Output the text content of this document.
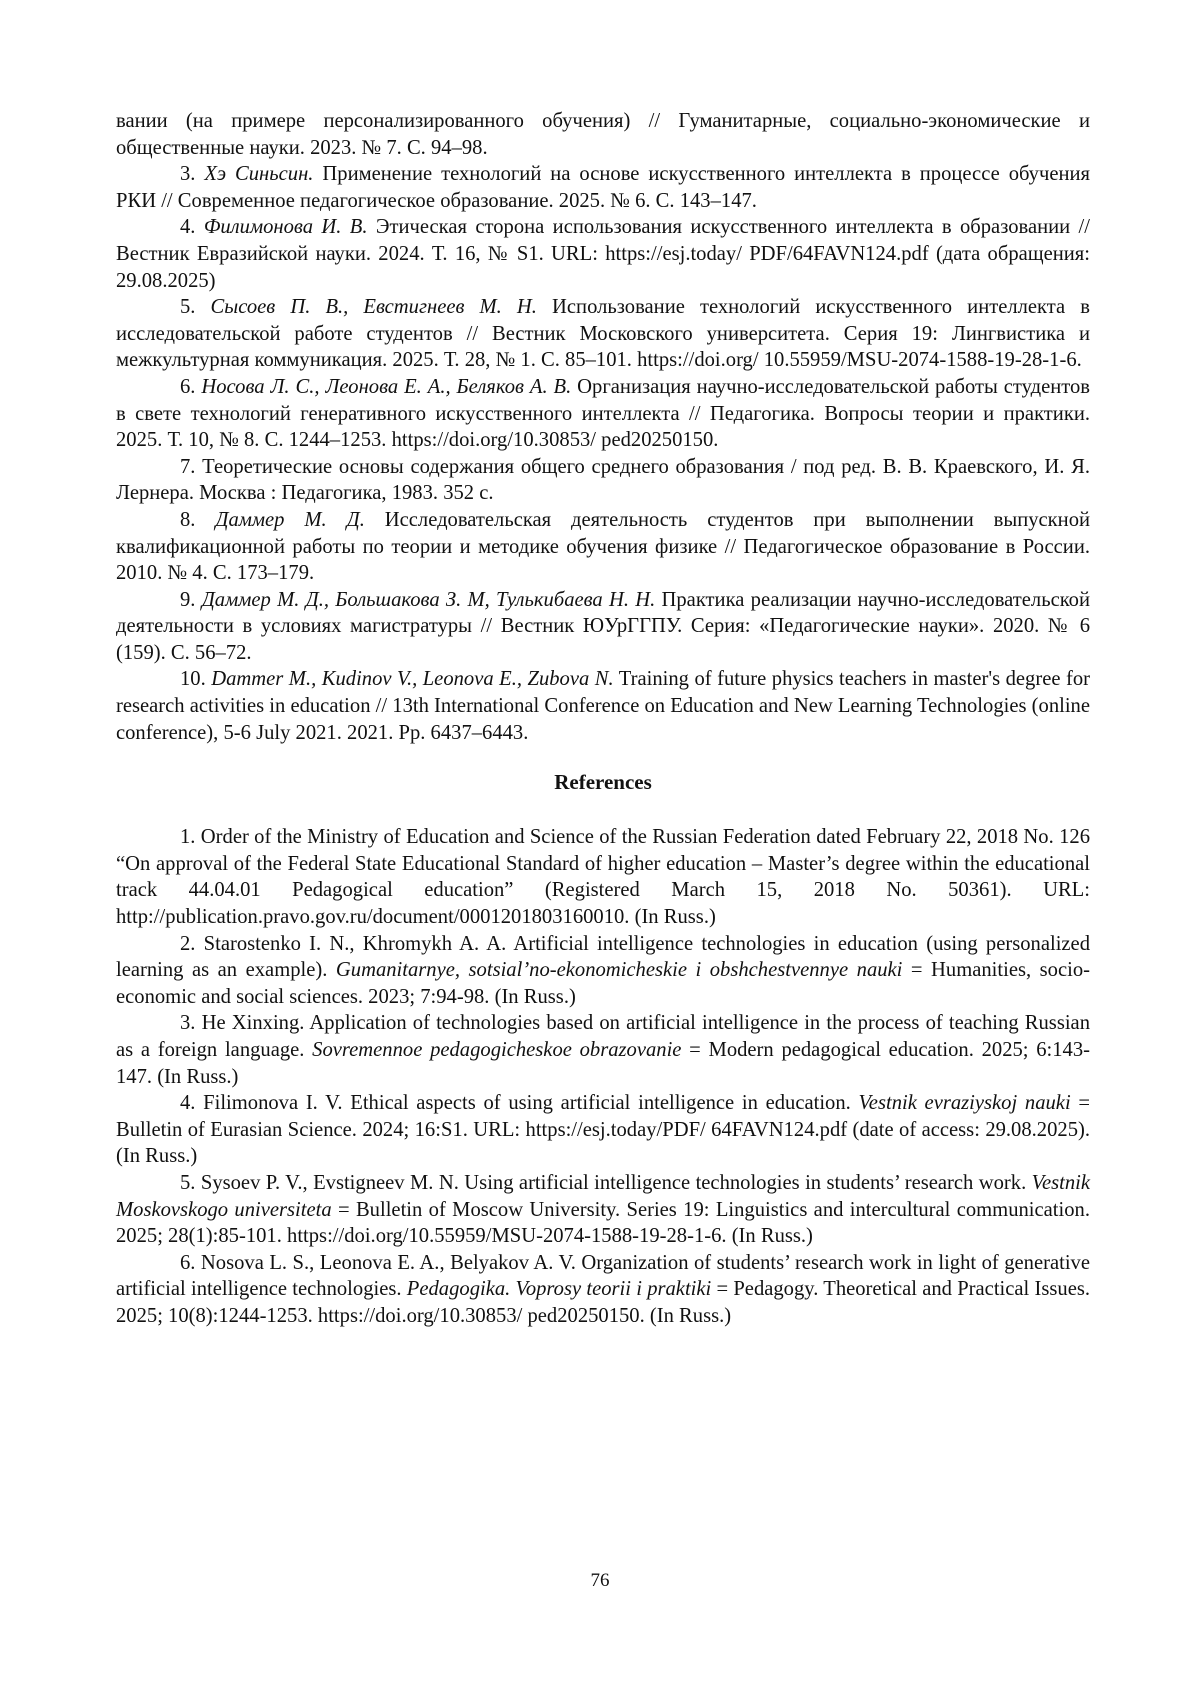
вании (на примере персонализированного обучения) // Гуманитарные, социально-экономические и общественные науки. 2023. № 7. С. 94–98.

3. Хэ Синьсин. Применение технологий на основе искусственного интеллекта в процессе обучения РКИ // Современное педагогическое образование. 2025. № 6. С. 143–147.

4. Филимонова И. В. Этическая сторона использования искусственного интеллекта в образовании // Вестник Евразийской науки. 2024. Т. 16, № S1. URL: https://esj.today/ PDF/64FAVN124.pdf (дата обращения: 29.08.2025)

5. Сысоев П. В., Евстигнеев М. Н. Использование технологий искусственного интеллекта в исследовательской работе студентов // Вестник Московского университета. Серия 19: Лингвистика и межкультурная коммуникация. 2025. Т. 28, № 1. С. 85–101. https://doi.org/ 10.55959/MSU-2074-1588-19-28-1-6.

6. Носова Л. С., Леонова Е. А., Беляков А. В. Организация научно-исследовательской работы студентов в свете технологий генеративного искусственного интеллекта // Педагогика. Вопросы теории и практики. 2025. Т. 10, № 8. С. 1244–1253. https://doi.org/10.30853/ ped20250150.

7. Теоретические основы содержания общего среднего образования / под ред. В. В. Краевского, И. Я. Лернера. Москва : Педагогика, 1983. 352 с.

8. Даммер М. Д. Исследовательская деятельность студентов при выполнении выпускной квалификационной работы по теории и методике обучения физике // Педагогическое образование в России. 2010. № 4. С. 173–179.

9. Даммер М. Д., Большакова З. М, Тулькибаева Н. Н. Практика реализации научно-исследовательской деятельности в условиях магистратуры // Вестник ЮУрГГПУ. Серия: «Педагогические науки». 2020. № 6 (159). С. 56–72.

10. Dammer M., Kudinov V., Leonova E., Zubova N. Training of future physics teachers in master's degree for research activities in education // 13th International Conference on Education and New Learning Technologies (online conference), 5-6 July 2021. 2021. Pp. 6437–6443.

References

1. Order of the Ministry of Education and Science of the Russian Federation dated February 22, 2018 No. 126 “On approval of the Federal State Educational Standard of higher education – Master’s degree within the educational track 44.04.01 Pedagogical education” (Registered March 15, 2018 No. 50361). URL: http://publication.pravo.gov.ru/document/0001201803160010. (In Russ.)

2. Starostenko I. N., Khromykh A. A. Artificial intelligence technologies in education (using personalized learning as an example). Gumanitarnye, sotsial’no-ekonomicheskie i obshchestvennye nauki = Humanities, socio-economic and social sciences. 2023; 7:94-98. (In Russ.)

3. He Xinxing. Application of technologies based on artificial intelligence in the process of teaching Russian as a foreign language. Sovremennoe pedagogicheskoe obrazovanie = Modern pedagogical education. 2025; 6:143-147. (In Russ.)

4. Filimonova I. V. Ethical aspects of using artificial intelligence in education. Vestnik evraziyskoj nauki = Bulletin of Eurasian Science. 2024; 16:S1. URL: https://esj.today/PDF/ 64FAVN124.pdf (date of access: 29.08.2025). (In Russ.)

5. Sysoev P. V., Evstigneev M. N. Using artificial intelligence technologies in students’ research work. Vestnik Moskovskogo universiteta = Bulletin of Moscow University. Series 19: Linguistics and intercultural communication. 2025; 28(1):85-101. https://doi.org/10.55959/MSU-2074-1588-19-28-1-6. (In Russ.)

6. Nosova L. S., Leonova E. A., Belyakov A. V. Organization of students’ research work in light of generative artificial intelligence technologies. Pedagogika. Voprosy teorii i praktiki = Pedagogy. Theoretical and Practical Issues. 2025; 10(8):1244-1253. https://doi.org/10.30853/ ped20250150. (In Russ.)

76
